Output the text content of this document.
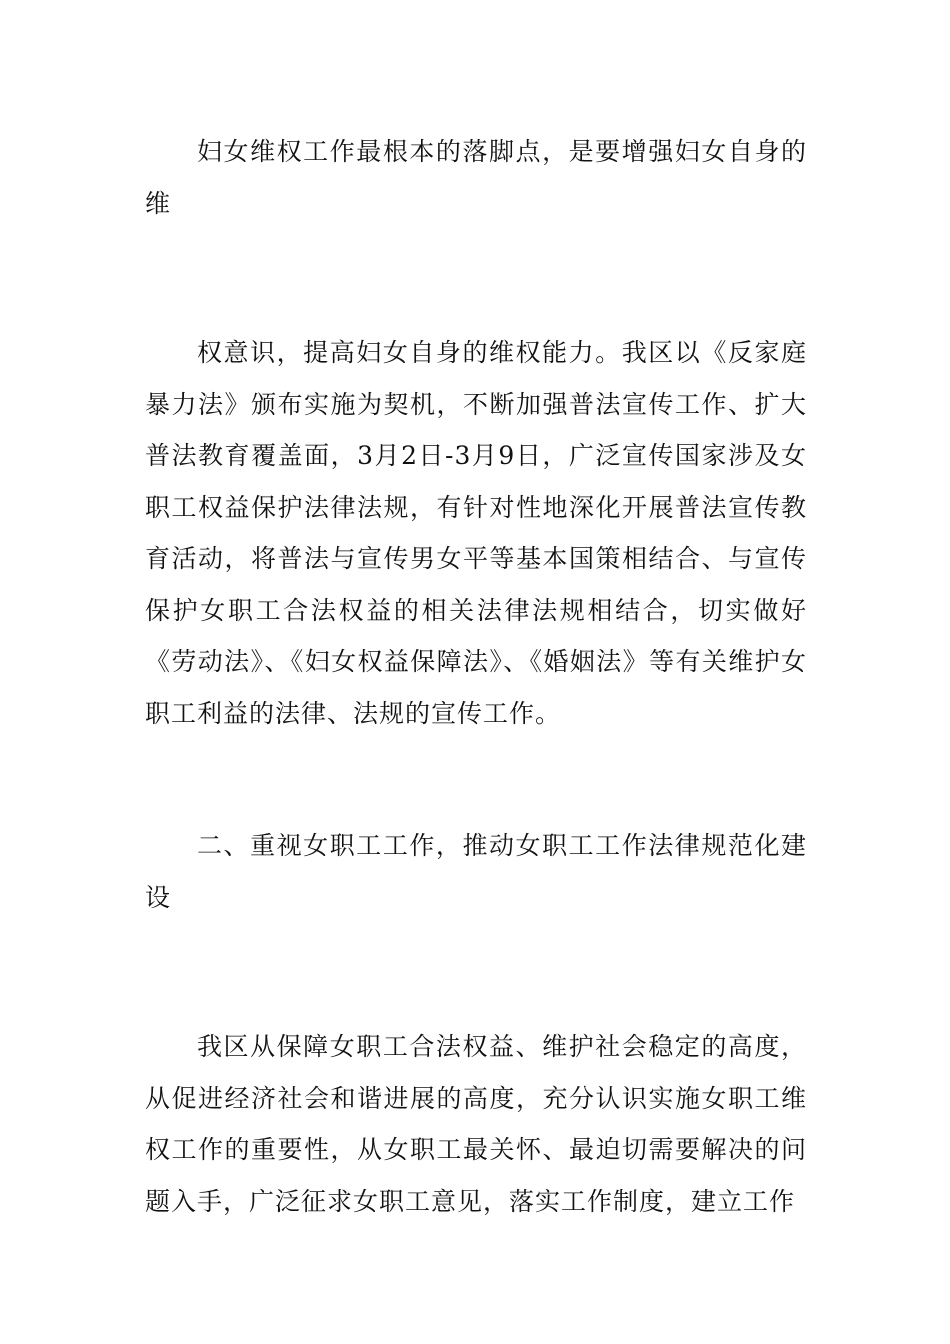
妇女维权工作最根本的落脚点，是要增强妇女自身的维

权意识，提高妇女自身的维权能力。我区以《反家庭暴力法》颁布实施为契机，不断加强普法宣传工作、扩大普法教育覆盖面，3月2日-3月9日，广泛宣传国家涉及女职工权益保护法律法规，有针对性地深化开展普法宣传教育活动，将普法与宣传男女平等基本国策相结合、与宣传保护女职工合法权益的相关法律法规相结合，切实做好《劳动法》、《妇女权益保障法》、《婚姻法》等有关维护女职工利益的法律、法规的宣传工作。

二、重视女职工工作，推动女职工工作法律规范化建设

我区从保障女职工合法权益、维护社会稳定的高度，从促进经济社会和谐进展的高度，充分认识实施女职工维权工作的重要性，从女职工最关怀、最迫切需要解决的问题入手，广泛征求女职工意见，落实工作制度，建立工作
